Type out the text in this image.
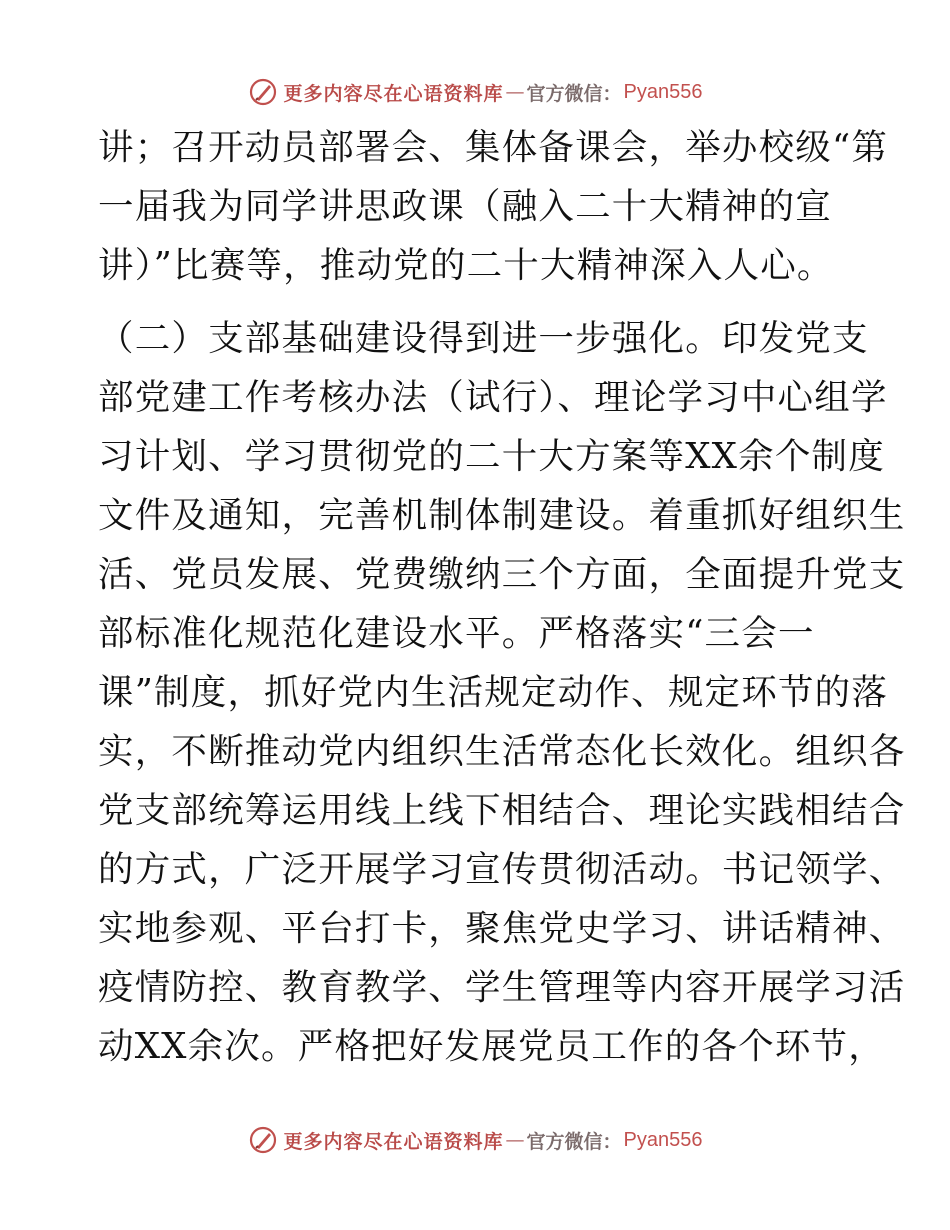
更多内容尽在心语资料库 — 官方微信： Pyan556
讲；召开动员部署会、集体备课会，举办校级“第
一届我为同学讲思政课（融入二十大精神的宣
讲）”比赛等，推动党的二十大精神深入人心。
（二）支部基础建设得到进一步强化。印发党支
部党建工作考核办法（试行）、理论学习中心组学
习计划、学习贯彻党的二十大方案等XX余个制度
文件及通知，完善机制体制建设。着重抓好组织生
活、党员发展、党费缴纳三个方面，全面提升党支
部标准化规范化建设水平。严格落实“三会一
课”制度，抓好党内生活规定动作、规定环节的落
实，不断推动党内组织生活常态化长效化。组织各
党支部统筹运用线上线下相结合、理论实践相结合
的方式，广泛开展学习宣传贯彻活动。书记领学、
实地参观、平台打卡，聚焦党史学习、讲话精神、
疫情防控、教育教学、学生管理等内容开展学习活
动XX余次。严格把好发展党员工作的各个环节，
更多内容尽在心语资料库 — 官方微信： Pyan556
